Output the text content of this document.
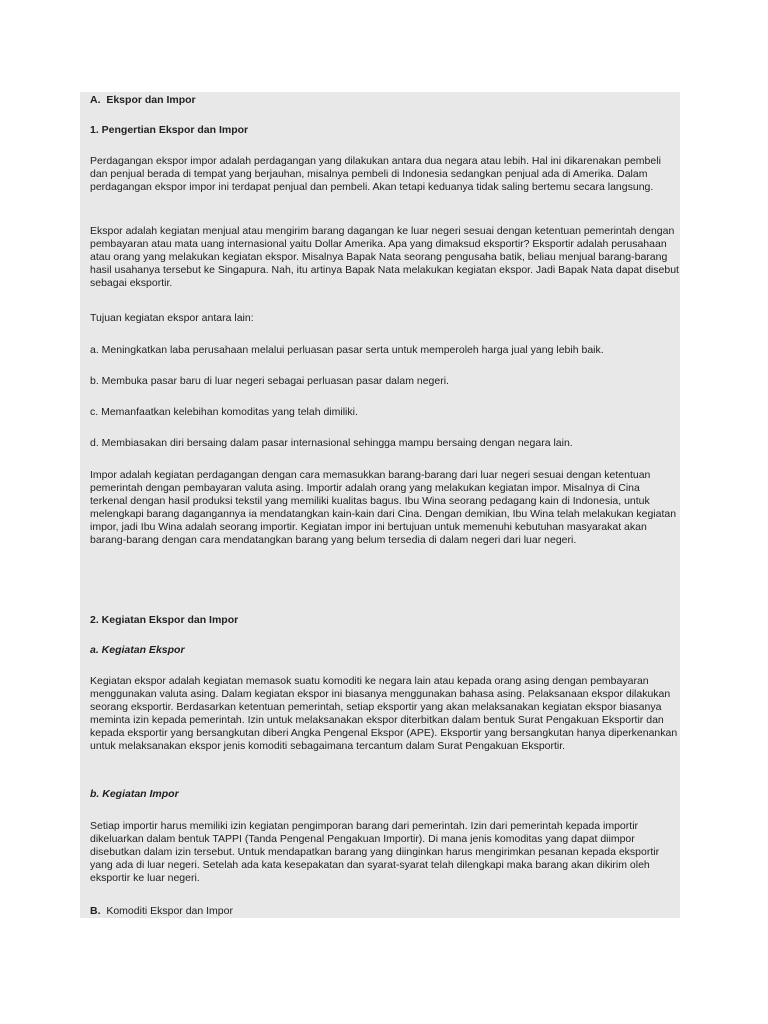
A. Ekspor dan Impor
1. Pengertian Ekspor dan Impor

Perdagangan ekspor impor adalah perdagangan yang dilakukan antara dua negara atau lebih. Hal ini dikarenakan pembeli dan penjual berada di tempat yang berjauhan, misalnya pembeli di Indonesia sedangkan penjual ada di Amerika. Dalam perdagangan ekspor impor ini terdapat penjual dan pembeli. Akan tetapi keduanya tidak saling bertemu secara langsung.

Ekspor adalah kegiatan menjual atau mengirim barang dagangan ke luar negeri sesuai dengan ketentuan pemerintah dengan pembayaran atau mata uang internasional yaitu Dollar Amerika. Apa yang dimaksud eksportir? Eksportir adalah perusahaan atau orang yang melakukan kegiatan ekspor. Misalnya Bapak Nata seorang pengusaha batik, beliau menjual barang-barang hasil usahanya tersebut ke Singapura. Nah, itu artinya Bapak Nata melakukan kegiatan ekspor. Jadi Bapak Nata dapat disebut sebagai eksportir.

Tujuan kegiatan ekspor antara lain:

a. Meningkatkan laba perusahaan melalui perluasan pasar serta untuk memperoleh harga jual yang lebih baik.

b. Membuka pasar baru di luar negeri sebagai perluasan pasar dalam negeri.

c. Memanfaatkan kelebihan komoditas yang telah dimiliki.

d. Membiasakan diri bersaing dalam pasar internasional sehingga mampu bersaing dengan negara lain.

Impor adalah kegiatan perdagangan dengan cara memasukkan barang-barang dari luar negeri sesuai dengan ketentuan pemerintah dengan pembayaran valuta asing. Importir adalah orang yang melakukan kegiatan impor. Misalnya di Cina terkenal dengan hasil produksi tekstil yang memiliki kualitas bagus. Ibu Wina seorang pedagang kain di Indonesia, untuk melengkapi barang dagangannya ia mendatangkan kain-kain dari Cina. Dengan demikian, Ibu Wina telah melakukan kegiatan impor, jadi Ibu Wina adalah seorang importir. Kegiatan impor ini bertujuan untuk memenuhi kebutuhan masyarakat akan barang-barang dengan cara mendatangkan barang yang belum tersedia di dalam negeri dari luar negeri.

2. Kegiatan Ekspor dan Impor
a. Kegiatan Ekspor

Kegiatan ekspor adalah kegiatan memasok suatu komoditi ke negara lain atau kepada orang asing dengan pembayaran menggunakan valuta asing. Dalam kegiatan ekspor ini biasanya menggunakan bahasa asing. Pelaksanaan ekspor dilakukan seorang eksportir. Berdasarkan ketentuan pemerintah, setiap eksportir yang akan melaksanakan kegiatan ekspor biasanya meminta izin kepada pemerintah. Izin untuk melaksanakan ekspor diterbitkan dalam bentuk Surat Pengakuan Eksportir dan kepada eksportir yang bersangkutan diberi Angka Pengenal Ekspor (APE). Eksportir yang bersangkutan hanya diperkenankan untuk melaksanakan ekspor jenis komoditi sebagaimana tercantum dalam Surat Pengakuan Eksportir.

b. Kegiatan Impor

Setiap importir harus memiliki izin kegiatan pengimporan barang dari pemerintah. Izin dari pemerintah kepada importir dikeluarkan dalam bentuk TAPPI (Tanda Pengenal Pengakuan Importir). Di mana jenis komoditas yang dapat diimpor disebutkan dalam izin tersebut. Untuk mendapatkan barang yang diinginkan harus mengirimkan pesanan kepada eksportir yang ada di luar negeri. Setelah ada kata kesepakatan dan syarat-syarat telah dilengkapi maka barang akan dikirim oleh eksportir ke luar negeri.

B. Komoditi Ekspor dan Impor
